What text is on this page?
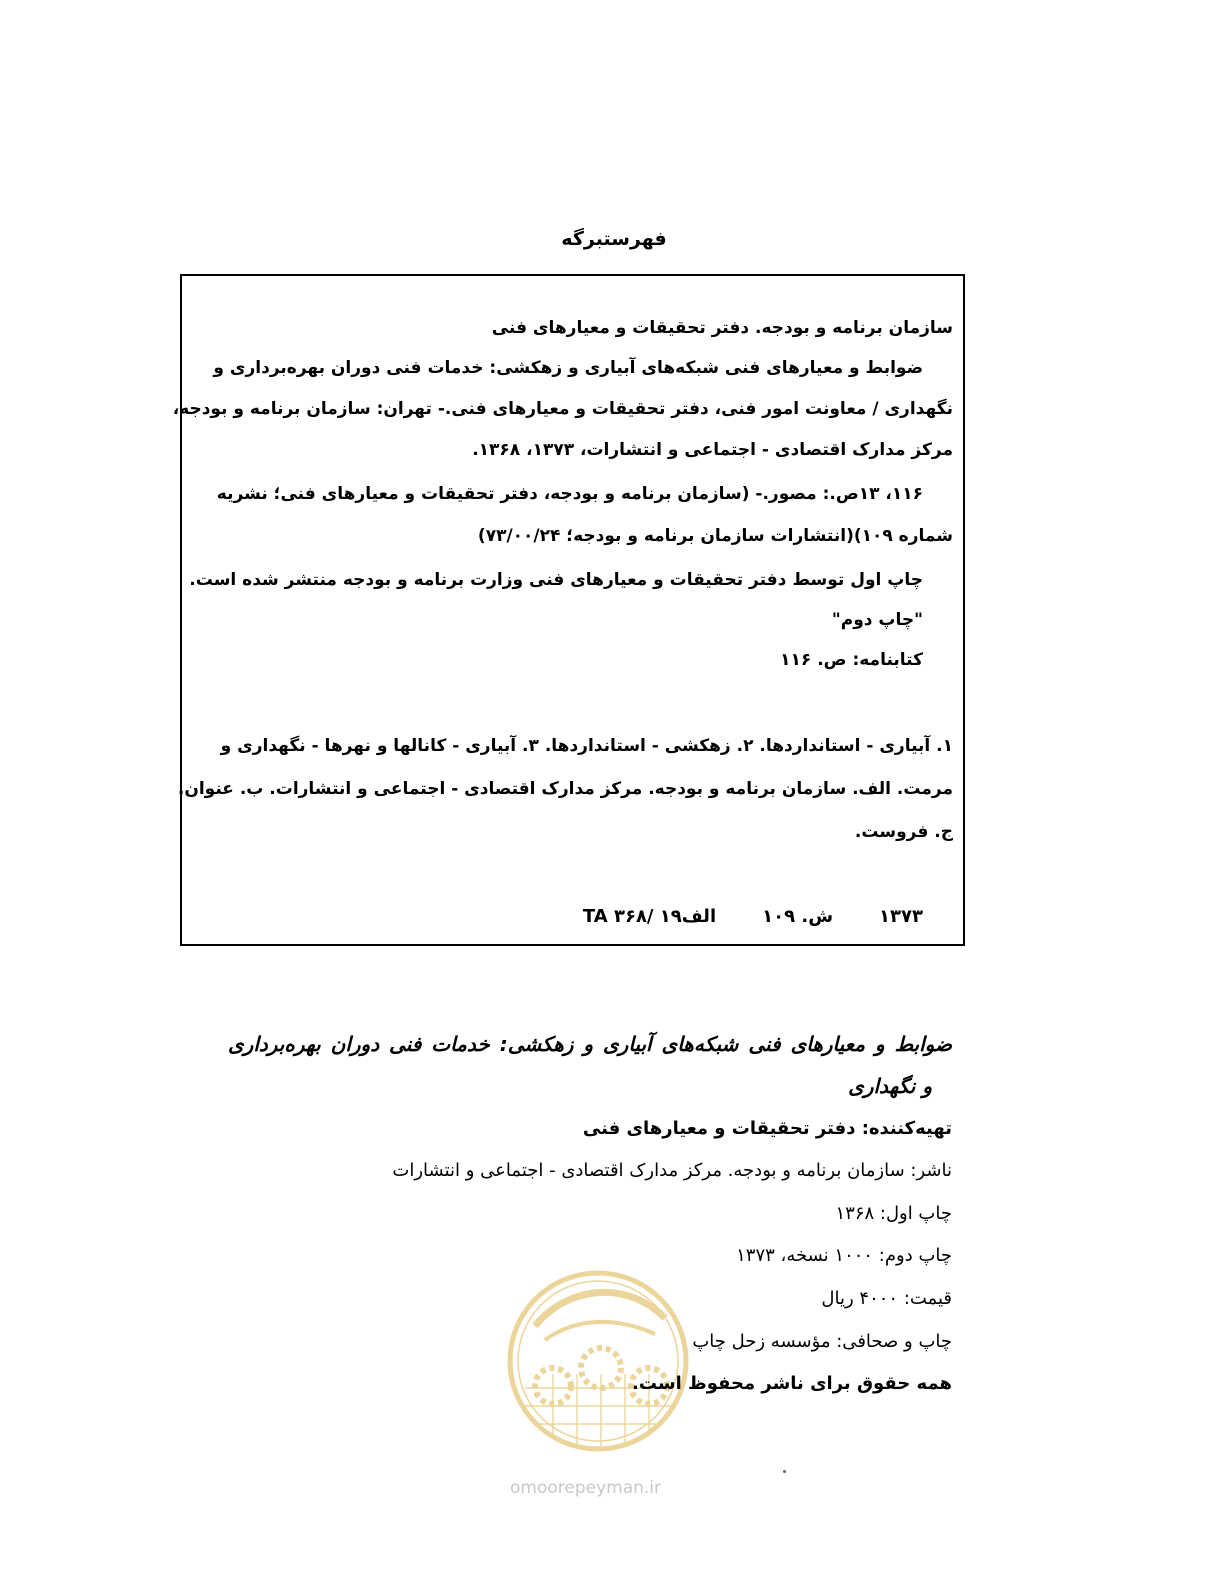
فهرستبرگه
سازمان برنامه و بودجه. دفتر تحقیقات و معیارهای فنی
ضوابط و معیارهای فنی شبکه‌های آبیاری و زهکشی: خدمات فنی دوران بهره‌برداری و
نگهداری / معاونت امور فنی، دفتر تحقیقات و معیارهای فنی.- تهران: سازمان برنامه و بودجه،
مرکز مدارک اقتصادی - اجتماعی و انتشارات، ۱۳۷۳، ۱۳۶۸.
۱۱۶، ۱۳ص.: مصور.- (سازمان برنامه و بودجه، دفتر تحقیقات و معیارهای فنی؛ نشریه
شماره ۱۰۹)(انتشارات سازمان برنامه و بودجه؛ ۷۳/۰۰/۲۴)
چاپ اول توسط دفتر تحقیقات و معیارهای فنی وزارت برنامه و بودجه منتشر شده است.
"چاپ دوم"
کتابنامه: ص. ۱۱۶
۱. آبیاری - استانداردها. ۲. زهکشی - استانداردها. ۳. آبیاری - کانالها و نهرها - نگهداری و
مرمت. الف. سازمان برنامه و بودجه. مرکز مدارک اقتصادی - اجتماعی و انتشارات. ب. عنوان.
ج. فروست.
TA ۳۶۸/ ۱۹الف	ش. ۱۰۹	۱۳۷۳
omoorepeyman.ir
ضوابط و معیارهای فنی شبکه‌های آبیاری و زهکشی: خدمات فنی دوران بهره‌برداری
و نگهداری
تهیه‌کننده: دفتر تحقیقات و معیارهای فنی
ناشر: سازمان برنامه و بودجه. مرکز مدارک اقتصادی - اجتماعی و انتشارات
چاپ اول: ۱۳۶۸
چاپ دوم: ۱۰۰۰ نسخه، ۱۳۷۳
قیمت: ۴۰۰۰ ریال
چاپ و صحافی: مؤسسه زحل چاپ
همه حقوق برای ناشر محفوظ است.
